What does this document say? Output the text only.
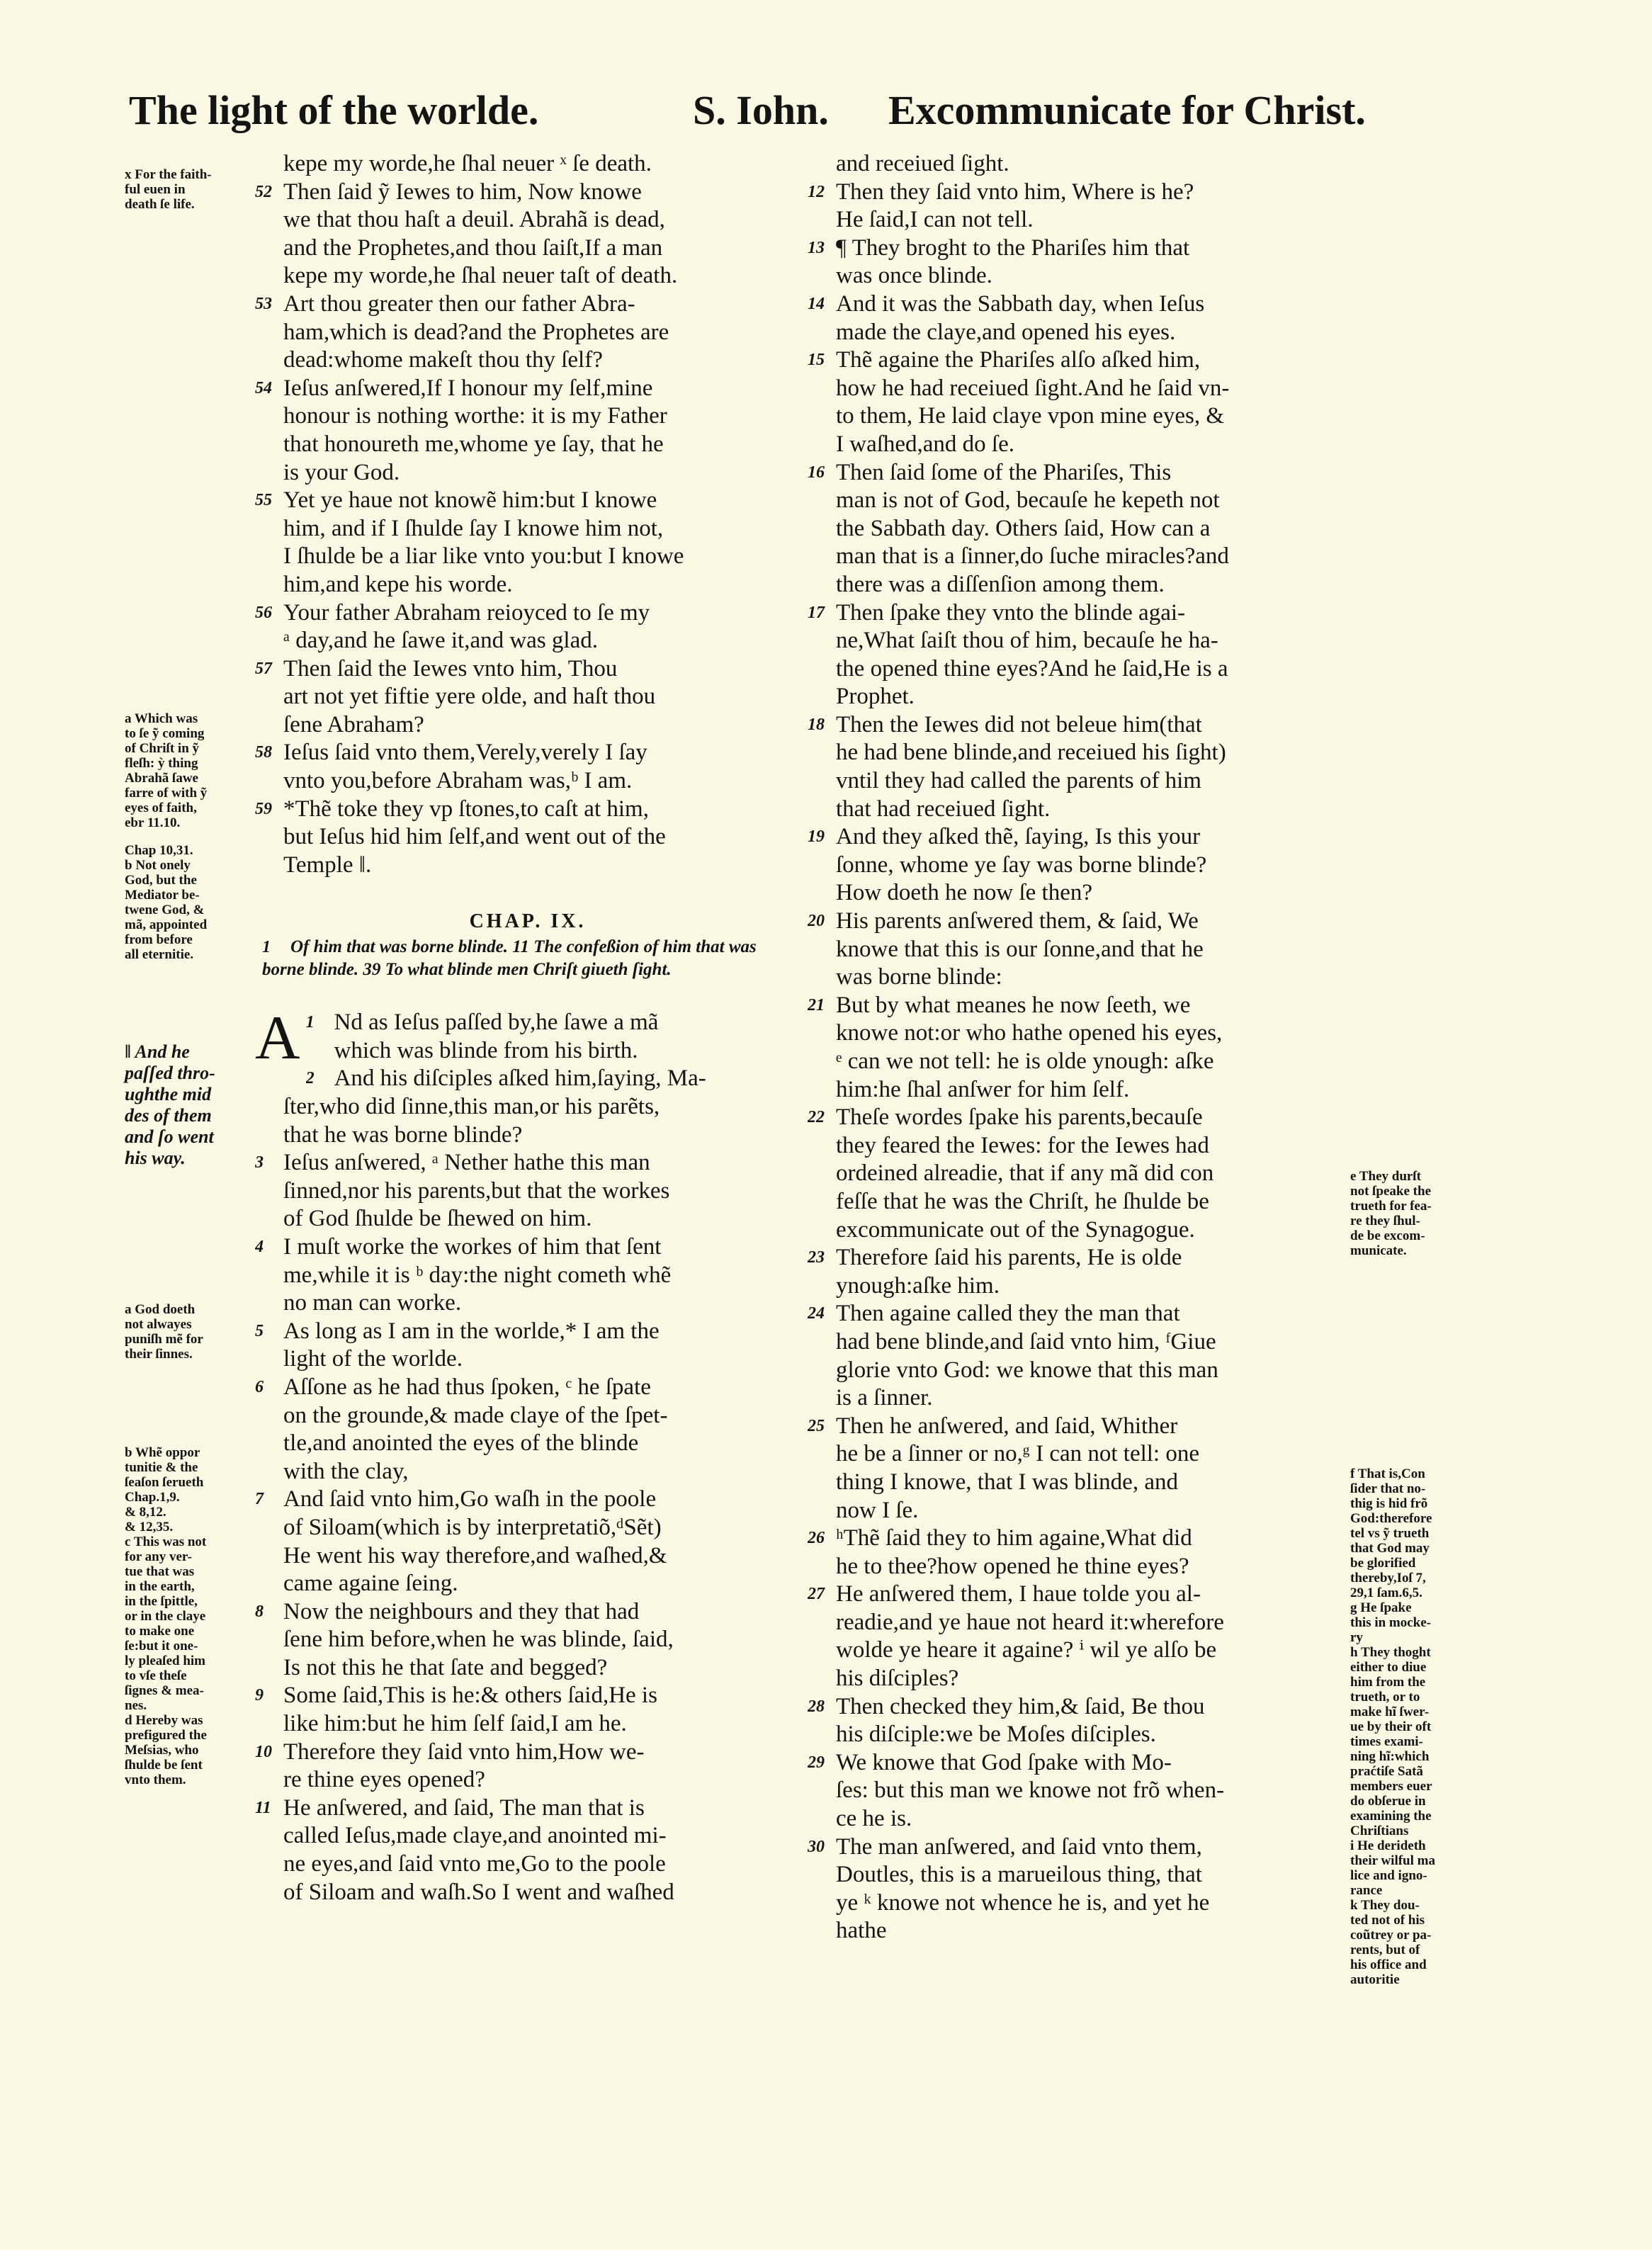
The light of the worlde.	S. Iohn. Excommunicate for Christ.
kepe my worde,he ſhal neuer ˣ ſe death.
52 Then ſaid ỹ Iewes to him, Now knowe
we that thou haſt a deuil. Abrahã is dead,
and the Prophetes,and thou ſaiſt,If a man
kepe my worde,he ſhal neuer taſt of death.
53 Art thou greater then our father Abra-
ham,which is dead?and the Prophetes are
dead:whome makeſt thou thy ſelf?
54 Ieſus anſwered,If I honour my ſelf,mine
honour is nothing worthe: it is my Father
that honoureth me,whome ye ſay, that he
is your God.
55 Yet ye haue not knowẽ him:but I knowe
him, and if I ſhulde ſay I knowe him not,
I ſhulde be a liar like vnto you:but I knowe
him,and kepe his worde.
56 Your father Abraham reioyced to ſe my
ᵃ day,and he ſawe it,and was glad.
57 Then ſaid the Iewes vnto him, Thou
art not yet fiftie yere olde, and haſt thou
ſene Abraham?
58 Ieſus ſaid vnto them,Verely,verely I ſay
vnto you,before Abraham was,ᵇ I am.
59 *Thẽ toke they vp ſtones,to caſt at him,
but Ieſus hid him ſelf,and went out of the
Temple ‖.
CHAP. IX.
1 Of him that was borne blinde. 11 The confeßion of him that was borne blinde. 39 To what blinde men Chriſt giueth ſight.
1
A Nd as Ieſus paſſed by,he ſawe a mã
which was blinde from his birth.
2 And his diſciples aſked him,ſaying, Ma-
ſter,who did ſinne,this man,or his parẽts,
that he was borne blinde?
3 Ieſus anſwered, ᵃ Nether hathe this man
ſinned,nor his parents,but that the workes
of God ſhulde be ſhewed on him.
4 I muſt worke the workes of him that ſent
me,while it is ᵇ day:the night cometh whẽ
no man can worke.
5 As long as I am in the worlde,* I am the
light of the worlde.
6 Aſſone as he had thus ſpoken, ᶜ he ſpate
on the grounde,& made claye of the ſpet-
tle,and anointed the eyes of the blinde
with the clay,
7 And ſaid vnto him,Go waſh in the poole
of Siloam(which is by interpretatiõ,ᵈSẽt)
He went his way therefore,and waſhed,&
came againe ſeing.
8 Now the neighbours and they that had
ſene him before,when he was blinde, ſaid,
Is not this he that ſate and begged?
9 Some ſaid,This is he:& others ſaid,He is
like him:but he him ſelf ſaid,I am he.
10 Therefore they ſaid vnto him,How we-
re thine eyes opened?
11 He anſwered, and ſaid, The man that is
called Ieſus,made claye,and anointed mi-
ne eyes,and ſaid vnto me,Go to the poole
of Siloam and waſh.So I went and waſhed
and receiued ſight.
12 Then they ſaid vnto him, Where is he?
He ſaid,I can not tell.
13 ¶ They broght to the Phariſes him that
was once blinde.
14 And it was the Sabbath day, when Ieſus
made the claye,and opened his eyes.
15 Thẽ againe the Phariſes alſo aſked him,
how he had receiued ſight.And he ſaid vn-
to them, He laid claye vpon mine eyes, &
I waſhed,and do ſe.
16 Then ſaid ſome of the Phariſes, This
man is not of God, becauſe he kepeth not
the Sabbath day. Others ſaid, How can a
man that is a ſinner,do ſuche miracles?and
there was a diſſenſion among them.
17 Then ſpake they vnto the blinde agai-
ne,What ſaiſt thou of him, becauſe he ha-
the opened thine eyes?And he ſaid,He is a
Prophet.
18 Then the Iewes did not beleue him(that
he had bene blinde,and receiued his ſight)
vntil they had called the parents of him
that had receiued ſight.
19 And they aſked thẽ, ſaying, Is this your
ſonne, whome ye ſay was borne blinde?
How doeth he now ſe then?
20 His parents anſwered them, & ſaid, We
knowe that this is our ſonne,and that he
was borne blinde:
21 But by what meanes he now ſeeth, we
knowe not:or who hathe opened his eyes,
ᵉ can we not tell: he is olde ynough: aſke
him:he ſhal anſwer for him ſelf.
22 Theſe wordes ſpake his parents,becauſe
they feared the Iewes: for the Iewes had
ordeined alreadie, that if any mã did con
feſſe that he was the Chriſt, he ſhulde be
excommunicate out of the Synagogue.
23 Therefore ſaid his parents, He is olde
ynough:aſke him.
24 Then againe called they the man that
had bene blinde,and ſaid vnto him, ᶠGiue
glorie vnto God: we knowe that this man
is a ſinner.
25 Then he anſwered, and ſaid, Whither
he be a ſinner or no,ᵍ I can not tell: one
thing I knowe, that I was blinde, and
now I ſe.
26 ʰThẽ ſaid they to him againe,What did
he to thee?how opened he thine eyes?
27 He anſwered them, I haue tolde you al-
readie,and ye haue not heard it:wherefore
wolde ye heare it againe? ⁱ wil ye alſo be
his diſciples?
28 Then checked they him,& ſaid, Be thou
his diſciple:we be Moſes diſciples.
29 We knowe that God ſpake with Mo-
ſes: but this man we knowe not frõ when-
ce he is.
30 The man anſwered, and ſaid vnto them,
Doutles, this is a marueilous thing, that
ye ᵏ knowe not whence he is, and yet he
hathe
x For the faith-
ful euen in
death ſe life.
a Which was
to ſe ỹ coming
of Chriſt in ỹ
fleſh: ỳ thing
Abrahã ſawe
farre of with ỹ
eyes of faith,
ebr 11.10.
Chap 10,31.
b Not onely
God, but the
Mediator be-
twene God, &
mã, appointed
from before
all eternitie.
‖ And he
paſſed thro-
ughthe mid
des of them
and ſo went
his way.
a God doeth
not alwayes
puniſh mẽ for
their ſinnes.
b Whẽ oppor
tunitie & the
ſeaſon ſerueth
Chap.1,9.
& 8,12.
& 12,35.
c This was not
for any ver-
tue that was
in the earth,
in the ſpittle,
or in the claye
to make one
ſe:but it one-
ly pleaſed him
to vſe theſe
ſignes & mea-
nes.
d Hereby was
prefigured the
Meſsias, who
ſhulde be ſent
vnto them.
e They durſt
not ſpeake the
trueth for fea-
re they ſhul-
de be excom-
municate.
f That is,Con
ſider that no-
thig is hid frõ
God:therefore
tel vs ỹ trueth
that God may
be glorified
thereby,Ioſ 7,
29,1 ſam.6,5.
g He ſpake
this in mocke-
ry
h They thoght
either to diue
him from the
trueth, or to
make hĩ ſwer-
ue by their oft
times exami-
ning hĩ:which
praćtiſe Satã
members euer
do obſerue in
examining the
Chriſtians
i He derideth
their wilful ma
lice and igno-
rance
k They dou-
ted not of his
coũtrey or pa-
rents, but of
his office and
autoritie
